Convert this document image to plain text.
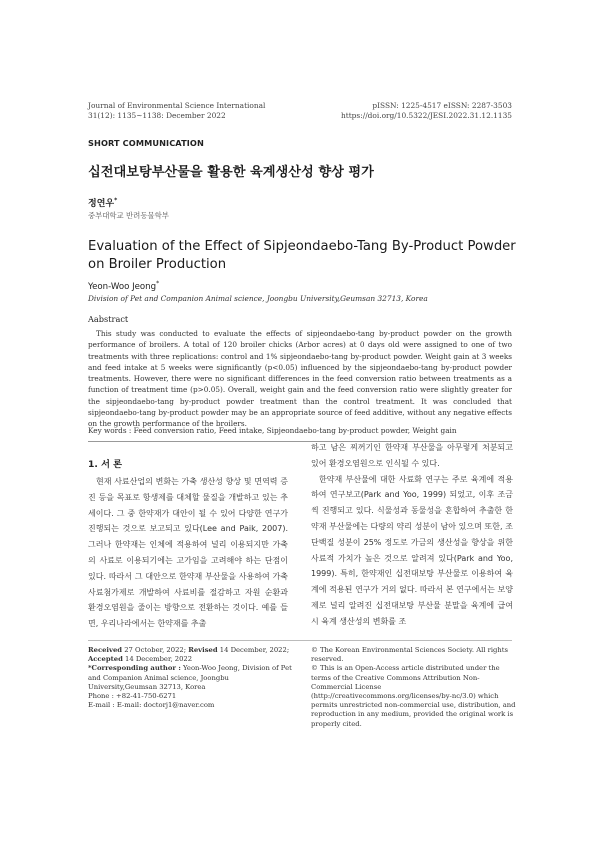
Journal of Environmental Science International
31(12): 1135~1138: December 2022
pISSN: 1225-4517 eISSN: 2287-3503
https://doi.org/10.5322/JESI.2022.31.12.1135
SHORT COMMUNICATION
십전대보탕부산물을 활용한 육계생산성 향상 평가
정연우*
중부대학교 반려동물학부
Evaluation of the Effect of Sipjeondaebo-Tang By-Product Powder
on Broiler Production
Yeon-Woo Jeong*
Division of Pet and Companion Animal science, Joongbu University,Geumsan 32713, Korea
Aabstract
This study was conducted to evaluate the effects of sipjeondaebo-tang by-product powder on the growth performance of broilers. A total of 120 broiler chicks (Arbor acres) at 0 days old were assigned to one of two treatments with three replications: control and 1% sipjeondaebo-tang by-product powder. Weight gain at 3 weeks and feed intake at 5 weeks were significantly (p<0.05) influenced by the sipjeondaebo-tang by-product powder treatments. However, there were no significant differences in the feed conversion ratio between treatments as a function of treatment time (p>0.05). Overall, weight gain and the feed conversion ratio were slightly greater for the sipjeondaebo-tang by-product powder treatment than the control treatment. It was concluded that sipjeondaebo-tang by-product powder may be an appropriate source of feed additive, without any negative effects on the growth performance of the broilers.
Key words : Feed conversion ratio, Feed intake, Sipjeondaebo-tang by-product powder, Weight gain
1. 서 론
현재 사료산업의 변화는 가축 생산성 향상 및 면역력 증진 등을 목표로 항생제를 대체할 물질을 개발하고 있는 추세이다. 그 중 한약재가 대안이 될 수 있어 다양한 연구가 진행되는 것으로 보고되고 있다(Lee and Paik, 2007). 그러나 한약재는 인체에 적용하여 널리 이용되지만 가축의 사료로 이용되기에는 고가임을 고려해야 하는 단점이 있다. 따라서 그 대안으로 한약재 부산물을 사용하여 가축사료첨가제로 개발하여 사료비를 절감하고 자원 순환과 환경오염원을 줄이는 방향으로 전환하는 것이다. 예를 들면, 우리나라에서는 한약재를 추출

하고 남은 찌꺼기인 한약재 부산물을 아무렇게 처분되고 있어 환경오염원으로 인식될 수 있다.

한약재 부산물에 대한 사료화 연구는 주로 육계에 적용하여 연구보고(Park and Yoo, 1999) 되었고, 이후 조금씩 진행되고 있다. 식물성과 동물성을 혼합하여 추출한 한약재 부산물에는 다량의 약리 성분이 남아 있으며 또한, 조단백질 성분이 25% 정도로 가금의 생산성을 향상을 위한 사료적 가치가 높은 것으로 알려져 있다(Park and Yoo, 1999). 특히, 한약재인 십전대보탕 부산물로 이용하여 육계에 적용된 연구가 거의 없다. 따라서 본 연구에서는 보양제로 널리 알려진 십전대보탕 부산물 분말을 육계에 급여 시 육계 생산성의 변화를 조

Received 27 October, 2022; Revised 14 December, 2022;
Accepted 14 December, 2022
*Corresponding author : Yeon-Woo Jeong, Division of Pet and Companion Animal science, Joongbu University,Geumsan 32713, Korea
Phone : +82-41-750-6271
E-mail : E-mail: doctorj1@naver.com
© The Korean Environmental Sciences Society. All rights reserved.
© This is an Open-Access article distributed under the terms of the Creative Commons Attribution Non-Commercial License (http://creativecommons.org/licenses/by-nc/3.0) which permits unrestricted non-commercial use, distribution, and reproduction in any medium, provided the original work is properly cited.
